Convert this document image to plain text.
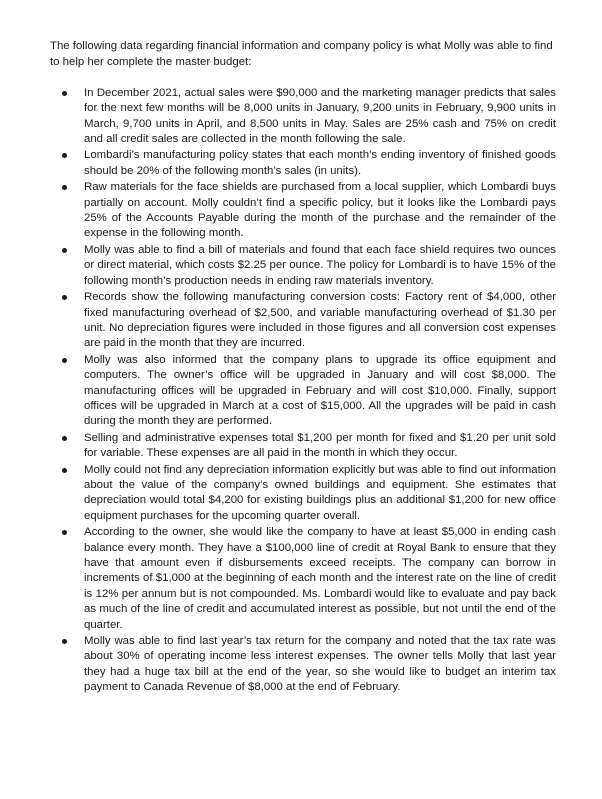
The following data regarding financial information and company policy is what Molly was able to find to help her complete the master budget:

In December 2021, actual sales were $90,000 and the marketing manager predicts that sales for the next few months will be 8,000 units in January, 9,200 units in February, 9,900 units in March, 9,700 units in April, and 8,500 units in May. Sales are 25% cash and 75% on credit and all credit sales are collected in the month following the sale.
Lombardi’s manufacturing policy states that each month’s ending inventory of finished goods should be 20% of the following month’s sales (in units).
Raw materials for the face shields are purchased from a local supplier, which Lombardi buys partially on account. Molly couldn’t find a specific policy, but it looks like the Lombardi pays 25% of the Accounts Payable during the month of the purchase and the remainder of the expense in the following month.
Molly was able to find a bill of materials and found that each face shield requires two ounces or direct material, which costs $2.25 per ounce. The policy for Lombardi is to have 15% of the following month’s production needs in ending raw materials inventory.
Records show the following manufacturing conversion costs: Factory rent of $4,000, other fixed manufacturing overhead of $2,500, and variable manufacturing overhead of $1.30 per unit. No depreciation figures were included in those figures and all conversion cost expenses are paid in the month that they are incurred.
Molly was also informed that the company plans to upgrade its office equipment and computers. The owner’s office will be upgraded in January and will cost $8,000. The manufacturing offices will be upgraded in February and will cost $10,000. Finally, support offices will be upgraded in March at a cost of $15,000. All the upgrades will be paid in cash during the month they are performed.
Selling and administrative expenses total $1,200 per month for fixed and $1.20 per unit sold for variable. These expenses are all paid in the month in which they occur.
Molly could not find any depreciation information explicitly but was able to find out information about the value of the company’s owned buildings and equipment. She estimates that depreciation would total $4,200 for existing buildings plus an additional $1,200 for new office equipment purchases for the upcoming quarter overall.
According to the owner, she would like the company to have at least $5,000 in ending cash balance every month. They have a $100,000 line of credit at Royal Bank to ensure that they have that amount even if disbursements exceed receipts. The company can borrow in increments of $1,000 at the beginning of each month and the interest rate on the line of credit is 12% per annum but is not compounded. Ms. Lombardi would like to evaluate and pay back as much of the line of credit and accumulated interest as possible, but not until the end of the quarter.
Molly was able to find last year’s tax return for the company and noted that the tax rate was about 30% of operating income less interest expenses. The owner tells Molly that last year they had a huge tax bill at the end of the year, so she would like to budget an interim tax payment to Canada Revenue of $8,000 at the end of February.
